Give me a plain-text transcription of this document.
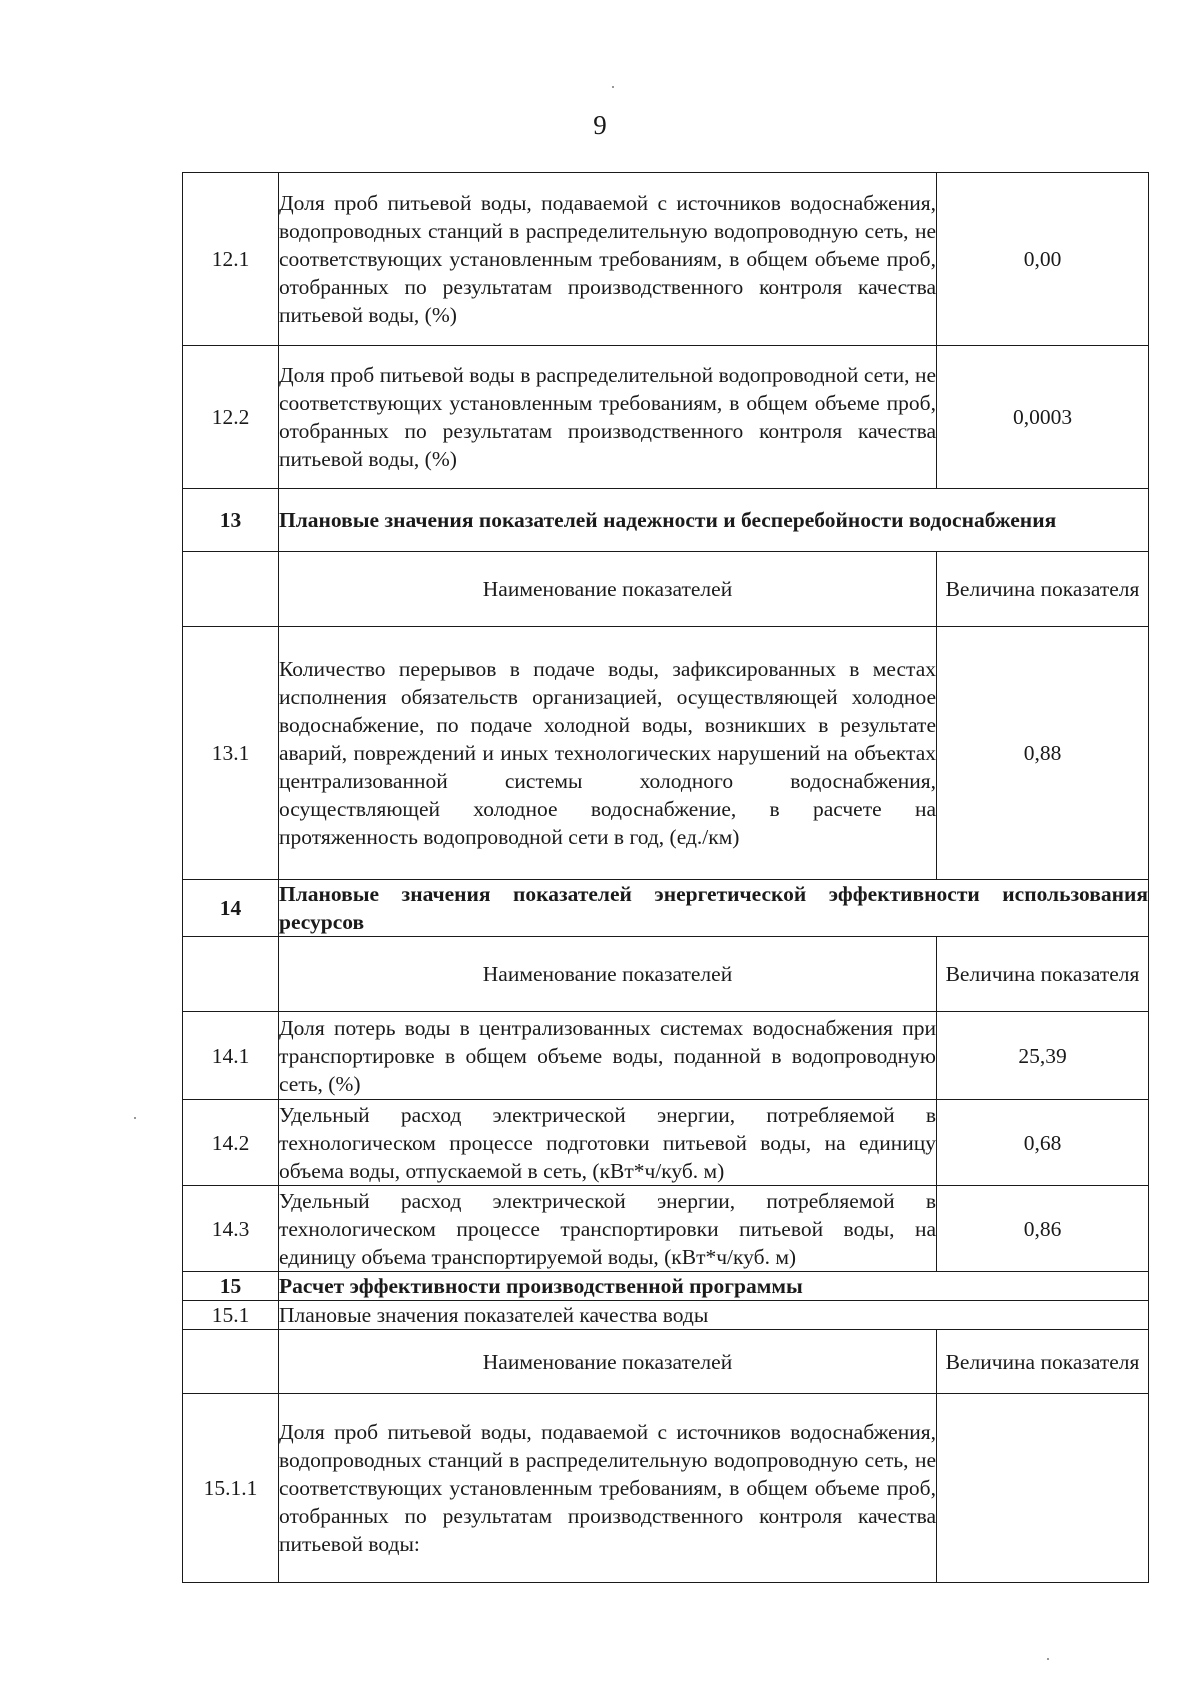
9
12.1	Доля проб питьевой воды, подаваемой с источников водоснабжения, водопроводных станций в распределительную водопроводную сеть, не соответствующих установленным требованиям, в общем объеме проб, отобранных по результатам производственного контроля качества питьевой воды, (%)	0,00
12.2	Доля проб питьевой воды в распределительной водопроводной сети, не соответствующих установленным требованиям, в общем объеме проб, отобранных по результатам производственного контроля качества питьевой воды, (%)	0,0003
13	Плановые значения показателей надежности и бесперебойности водоснабжения	
	Наименование показателей	Величина показателя
13.1	Количество перерывов в подаче воды, зафиксированных в местах исполнения обязательств организацией, осуществляющей холодное водоснабжение, по подаче холодной воды, возникших в результате аварий, повреждений и иных технологических нарушений на объектах централизованной системы холодного водоснабжения, осуществляющей холодное водоснабжение, в расчете на протяженность водопроводной сети в год, (ед./км)	0,88
14	Плановые значения показателей энергетической эффективности использования ресурсов	
	Наименование показателей	Величина показателя
14.1	Доля потерь воды в централизованных системах водоснабжения при транспортировке в общем объеме воды, поданной в водопроводную сеть, (%)	25,39
14.2	Удельный расход электрической энергии, потребляемой в технологическом процессе подготовки питьевой воды, на единицу объема воды, отпускаемой в сеть, (кВт*ч/куб. м)	0,68
14.3	Удельный расход электрической энергии, потребляемой в технологическом процессе транспортировки питьевой воды, на единицу объема транспортируемой воды, (кВт*ч/куб. м)	0,86
15	Расчет эффективности производственной программы	
15.1	Плановые значения показателей качества воды	
	Наименование показателей	Величина показателя
15.1.1	Доля проб питьевой воды, подаваемой с источников водоснабжения, водопроводных станций в распределительную водопроводную сеть, не соответствующих установленным требованиям, в общем объеме проб, отобранных по результатам производственного контроля качества питьевой воды:	
